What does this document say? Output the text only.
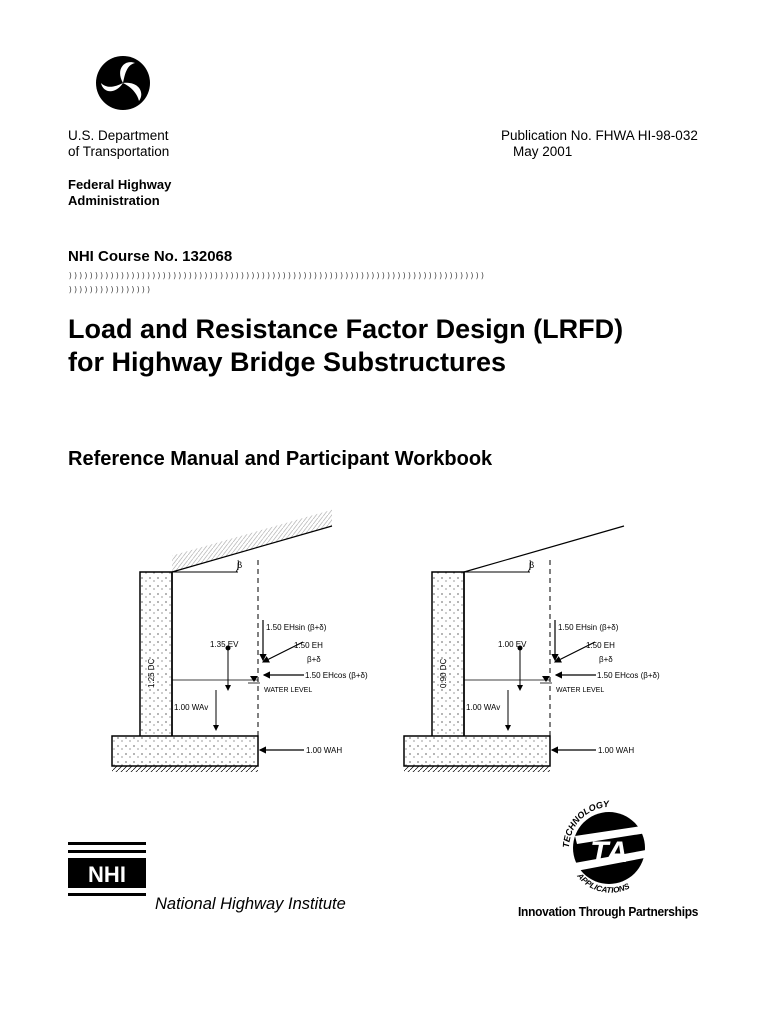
U.S. Department
of Transportation
Publication No. FHWA HI-98-032
May 2001
Federal Highway
Administration
NHI Course No. 132068
))))))))))))))))))))))))))))))))))))))))))))))))))))))))))))))))))))))))))))))))
))))))))))))))))
Load and Resistance Factor Design (LRFD)
for Highway Bridge Substructures
Reference Manual and Participant Workbook
β
1.25 DC
1.35 EV
1.50 EHsin (β+δ)
1.50 EH
β+δ
1.50 EHcos (β+δ)
WATER LEVEL
1.00 WAv
1.00 WAH
β
0.90 DC
1.00 EV
1.50 EHsin (β+δ)
1.50 EH
β+δ
1.50 EHcos (β+δ)
WATER LEVEL
1.00 WAv
1.00 WAH
NHI
National Highway Institute
TA
TECHNOLOGY
APPLICATIONS
Innovation Through Partnerships
